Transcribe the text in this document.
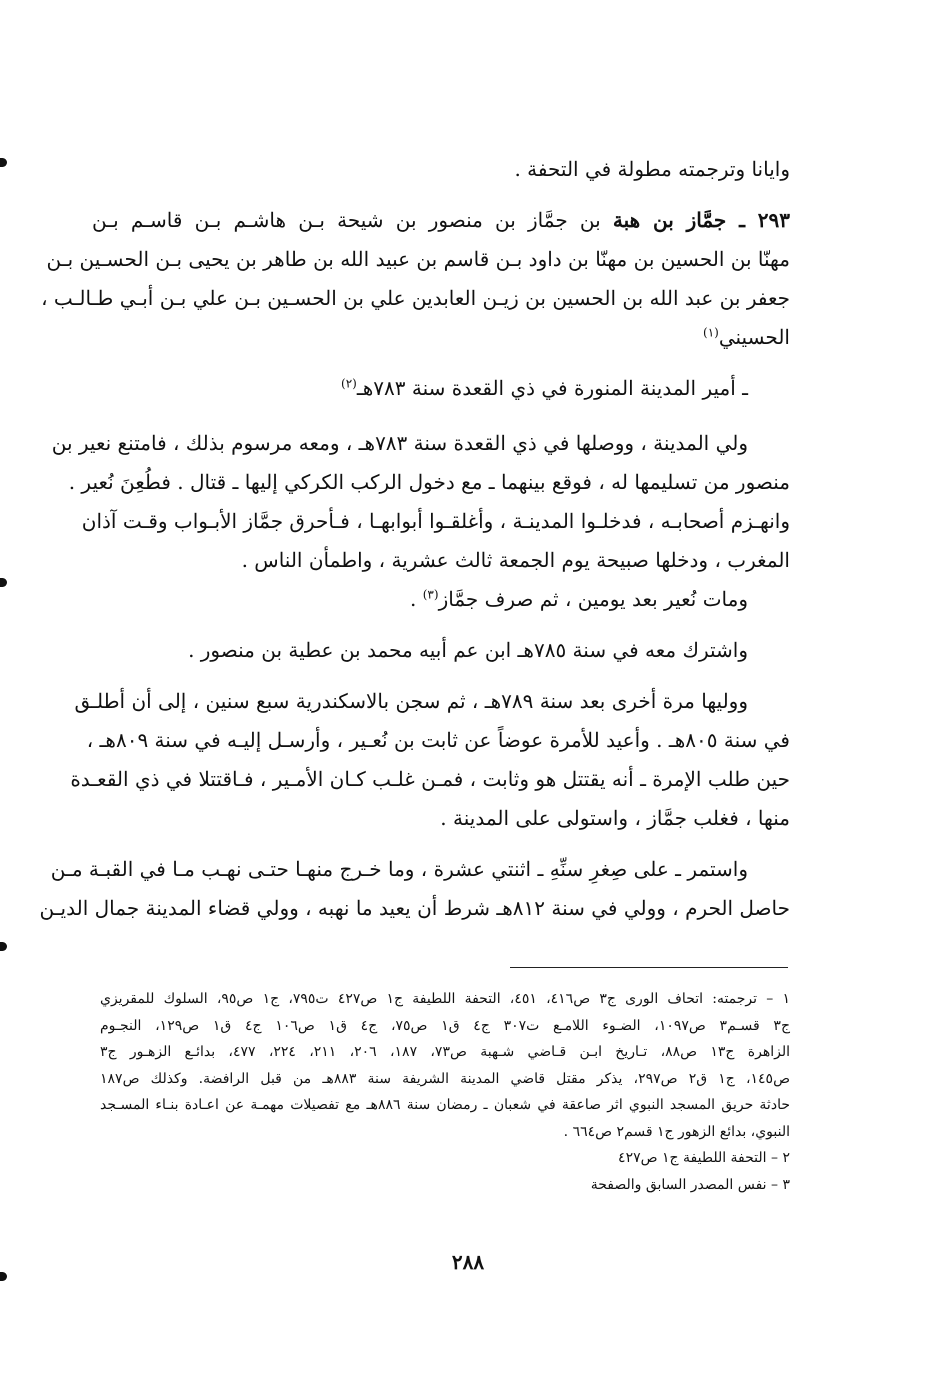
وايانا وترجمته مطولة في التحفة .
٢٩٣ ـ جمَّاز بن هبة بن جمَّاز بن منصور بن شيحة بـن هاشـم بـن قاسـم بـن
مهنّا بن الحسين بن مهنّا بن داود بـن قاسم بن عبيد الله بن طاهر بن يحيى بـن الحسـين بـن
جعفر بن عبد الله بن الحسين بن زيـن العابدين علي بن الحسـين بـن علي بـن أبـي طـالـب ،
الحسيني$^{(١)}$
ـ أمير المدينة المنورة في ذي القعدة سنة ٧٨٣هـ$^{(٢)}$
ولي المدينة ، ووصلها في ذي القعدة سنة ٧٨٣هـ ، ومعه مرسوم بذلك ، فامتنع نعير بن
منصور من تسليمها له ، فوقع بينهما ـ مع دخول الركب الكركي إليها ـ قتال . فطُعِنَ نُعير .
وانهـزم أصحابـه ، فدخلـوا المدينـة ، وأغلقـوا أبوابهـا ، فـأحرق جمَّاز الأبـواب وقـت آذان
المغرب ، ودخلها صبيحة يوم الجمعة ثالث عشرية ، واطمأن الناس .
ومات نُعير بعد يومين ، ثم صرف جمَّاز$^{(٣)}$ .
واشترك معه في سنة ٧٨٥هـ ابن عم أبيه محمد بن عطية بن منصور .
ووليها مرة أخرى بعد سنة ٧٨٩هـ ، ثم سجن بالاسكندرية سبع سنين ، إلى أن أطلـق
في سنة ٨٠٥هـ . وأعيد للأمرة عوضاً عن ثابت بن نُعـير ، وأرسـل إليـه في سنة ٨٠٩هـ ،
حين طلب الإمرة ـ أنه يقتتل هو وثابت ، فمـن غلـب كـان الأمـير ، فـاقتتلا في ذي القعـدة
منها ، فغلب جمَّاز ، واستولى على المدينة .
واستمر ـ على صِغرِ سنِّهِ ـ اثنتي عشرة ، وما خـرج منهـا حتـى نهـب مـا في القبـة مـن
حاصل الحرم ، وولي في سنة ٨١٢هـ شرط أن يعيد ما نهبه ، وولي قضاء المدينة جمال الديـن
١ – ترجمته: اتحاف الورى ج٣ ص٤١٦، ٤٥١، التحفة اللطيفة ج١ ص٤٢٧ ت٧٩٥، ج١ ص٩٥، السلوك للمقريزي
ج٣ قسـم٣ ص١٠٩٧، الضـوء اللامـع ت٣٠٧ ج٤ ق١ ص٧٥، ج٤ ق١ ص١٠٦ ج٤ ق١ ص١٢٩، النجـوم
الزاهرة ج١٣ ص٨٨، تـاريخ ابـن قـاضي شـهبة ص٧٣، ١٨٧، ٢٠٦، ٢١١، ٢٢٤، ٤٧٧، بدائـع الزهـور ج٣
ص١٤٥، ج١ ق٢ ص٢٩٧، يذكر مقتل قاضي المدينة الشريفة سنة ٨٨٣هـ من قبل الرافضة. وكذلك ص١٨٧
حادثة حريق المسجد النبوي اثر صاعقة في شعبان ـ رمضان سنة ٨٨٦هـ مع تفصيلات مهمـة عن اعـادة بنـاء المسـجد
النبوي، بدائع الزهور ج١ قسم٢ ص٦٦٤ .
٢ – التحفة اللطيفة ج١ ص٤٢٧
٣ – نفس المصدر السابق والصفحة
٢٨٨
